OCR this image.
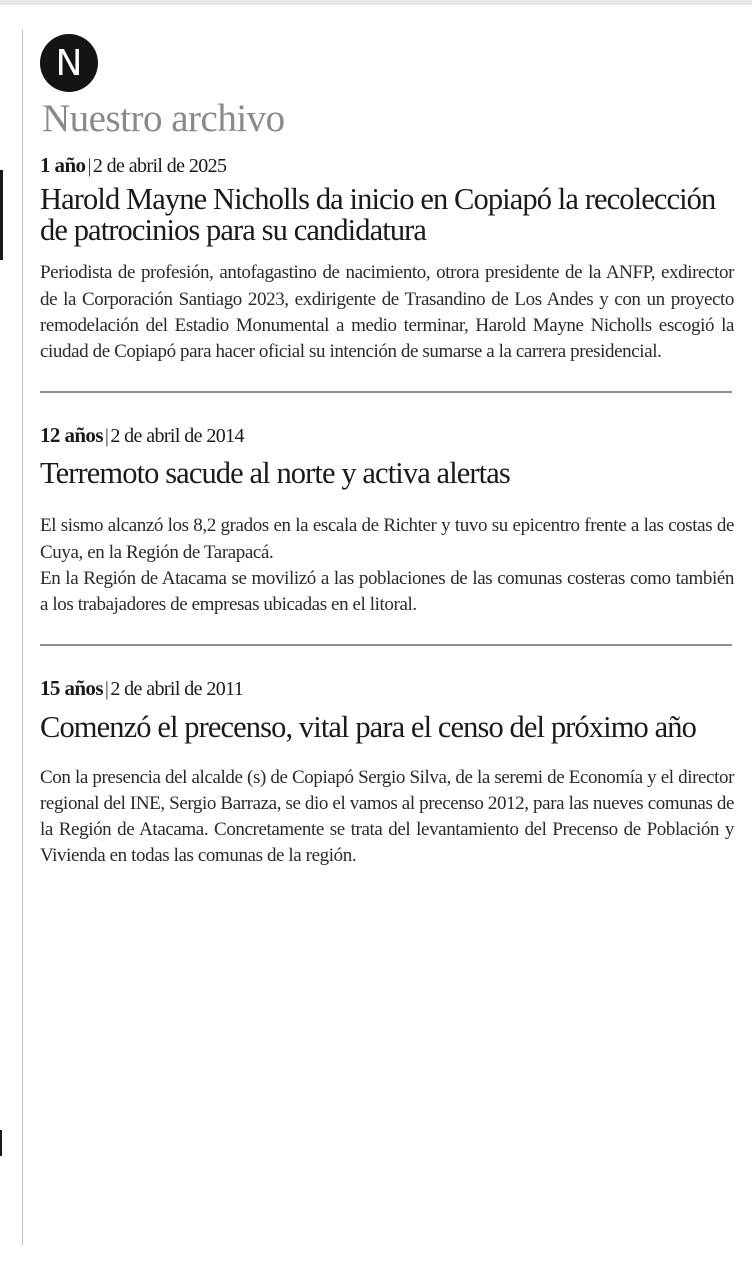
N
Nuestro archivo
1 año | 2 de abril de 2025
Harold Mayne Nicholls da inicio en Copiapó la recolección de patrocinios para su candidatura

Periodista de profesión, antofagastino de nacimiento, otrora presidente de la ANFP, exdirector de la Corporación Santiago 2023, exdirigente de Trasandino de Los Andes y con un proyecto remodelación del Estadio Monumental a medio terminar, Harold Mayne Nicholls escogió la ciudad de Copiapó para hacer oficial su intención de sumarse a la carrera presidencial.

12 años | 2 de abril de 2014
Terremoto sacude al norte y activa alertas

El sismo alcanzó los 8,2 grados en la escala de Richter y tuvo su epicentro frente a las costas de Cuya, en la Región de Tarapacá.

En la Región de Atacama se movilizó a las poblaciones de las comunas costeras como también a los trabajadores de empresas ubicadas en el litoral.

15 años | 2 de abril de 2011
Comenzó el precenso, vital para el censo del próximo año

Con la presencia del alcalde (s) de Copiapó Sergio Silva, de la seremi de Economía y el director regional del INE, Sergio Barraza, se dio el vamos al precenso 2012, para las nueves comunas de la Región de Atacama. Concretamente se trata del levantamiento del Precenso de Población y Vivienda en todas las comunas de la región.
